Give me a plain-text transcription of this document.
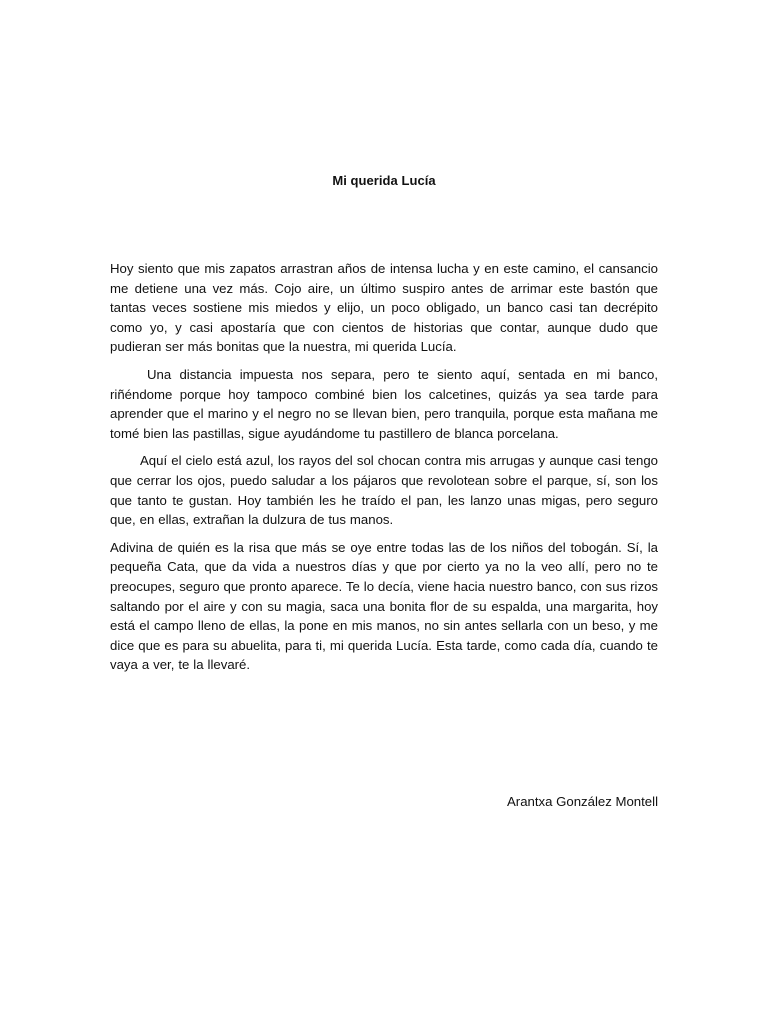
Mi querida Lucía

Hoy siento que mis zapatos arrastran años de intensa lucha y en este camino, el cansancio me detiene una vez más. Cojo aire, un último suspiro antes de arrimar este bastón que tantas veces sostiene mis miedos y elijo, un poco obligado, un banco casi tan decrépito como yo, y casi apostaría que con cientos de historias que contar, aunque dudo que pudieran ser más bonitas que la nuestra, mi querida Lucía.

Una distancia impuesta nos separa, pero te siento aquí, sentada en mi banco, riñéndome porque hoy tampoco combiné bien los calcetines, quizás ya sea tarde para aprender que el marino y el negro no se llevan bien, pero tranquila, porque esta mañana me tomé bien las pastillas, sigue ayudándome tu pastillero de blanca porcelana.

Aquí el cielo está azul, los rayos del sol chocan contra mis arrugas y aunque casi tengo que cerrar los ojos, puedo saludar a los pájaros que revolotean sobre el parque, sí, son los que tanto te gustan. Hoy también les he traído el pan, les lanzo unas migas, pero seguro que, en ellas, extrañan la dulzura de tus manos.

Adivina de quién es la risa que más se oye entre todas las de los niños del tobogán. Sí, la pequeña Cata, que da vida a nuestros días y que por cierto ya no la veo allí, pero no te preocupes, seguro que pronto aparece. Te lo decía, viene hacia nuestro banco, con sus rizos saltando por el aire y con su magia, saca una bonita flor de su espalda, una margarita, hoy está el campo lleno de ellas, la pone en mis manos, no sin antes sellarla con un beso, y me dice que es para su abuelita, para ti, mi querida Lucía. Esta tarde, como cada día, cuando te vaya a ver, te la llevaré.

Arantxa González Montell
